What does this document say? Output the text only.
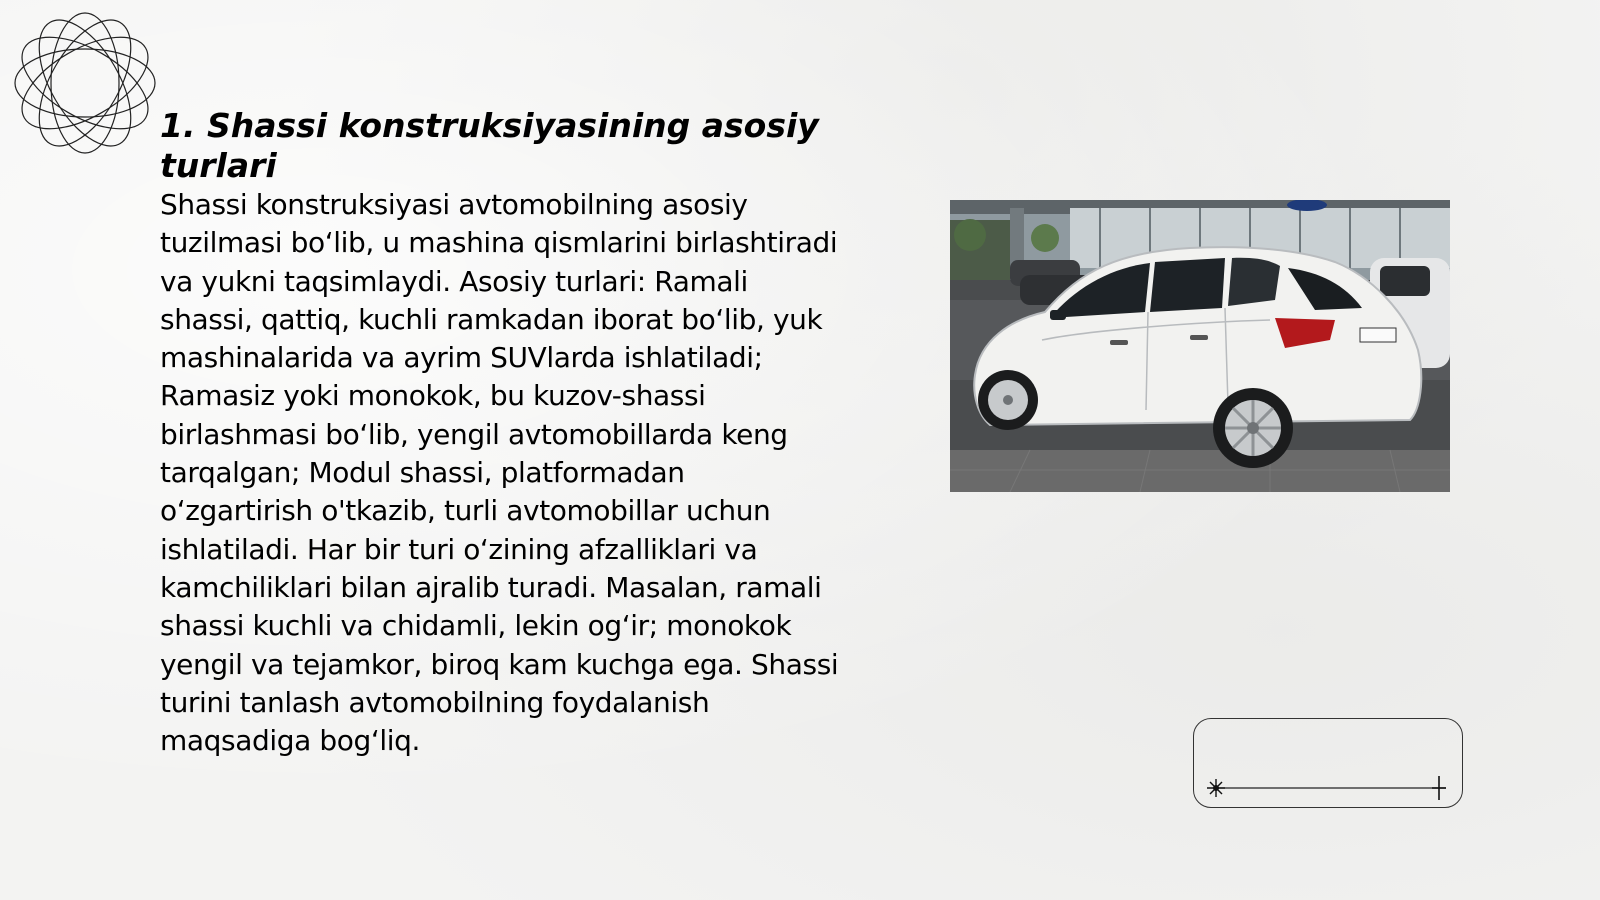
1. Shassi konstruksiyasining asosiy turlari

Shassi konstruksiyasi avtomobilning asosiy tuzilmasi bo‘lib, u mashina qismlarini birlashtiradi va yukni taqsimlaydi. Asosiy turlari: Ramali shassi, qattiq, kuchli ramkadan iborat bo‘lib, yuk mashinalarida va ayrim SUVlarda ishlatiladi; Ramasiz yoki monokok, bu kuzov-shassi birlashmasi bo‘lib, yengil avtomobillarda keng tarqalgan; Modul shassi, platformadan o‘zgartirish o'tkazib, turli avtomobillar uchun ishlatiladi. Har bir turi o‘zining afzalliklari va kamchiliklari bilan ajralib turadi. Masalan, ramali shassi kuchli va chidamli, lekin og‘ir; monokok yengil va tejamkor, biroq kam kuchga ega. Shassi turini tanlash avtomobilning foydalanish maqsadiga bog‘liq.
